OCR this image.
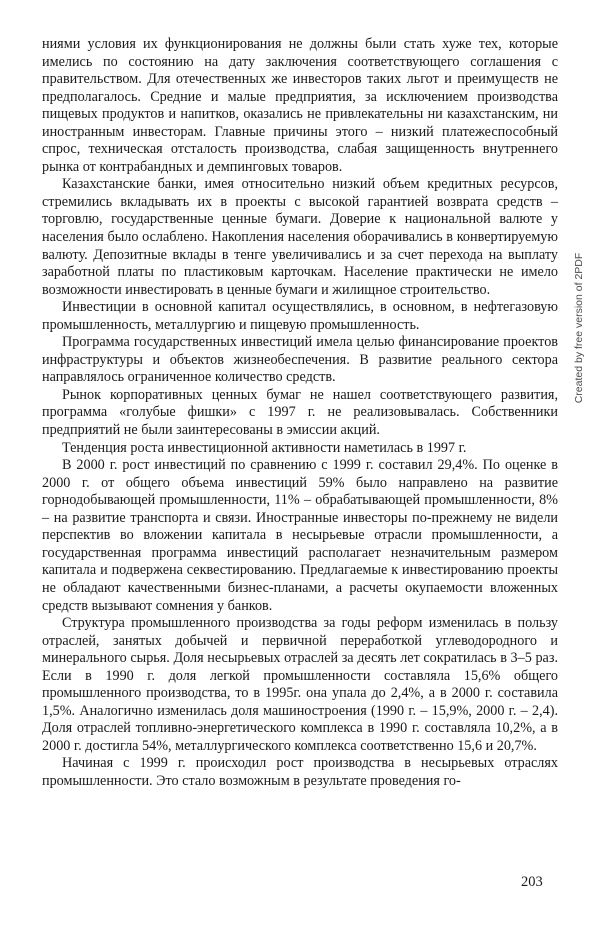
ниями условия их функционирования не должны были стать хуже тех, которые имелись по состоянию на дату заключения соответствующего соглашения с правительством. Для отечественных же инвесторов таких льгот и преимуществ не предполагалось. Средние и малые предприятия, за исключением производства пищевых продуктов и напитков, оказались не привлекательны ни казахстанским, ни иностранным инвесторам. Главные причины этого – низкий платежеспособный спрос, техническая отсталость производства, слабая защищенность внутреннего рынка от контрабандных и демпинговых товаров.

Казахстанские банки, имея относительно низкий объем кредитных ресурсов, стремились вкладывать их в проекты с высокой гарантией возврата средств – торговлю, государственные ценные бумаги. Доверие к национальной валюте у населения было ослаблено. Накопления населения оборачивались в конвертируемую валюту. Депозитные вклады в тенге увеличивались и за счет перехода на выплату заработной платы по пластиковым карточкам. Население практически не имело возможности инвестировать в ценные бумаги и жилищное строительство.

Инвестиции в основной капитал осуществлялись, в основном, в нефтегазовую промышленность, металлургию и пищевую промышленность.

Программа государственных инвестиций имела целью финансирование проектов инфраструктуры и объектов жизнеобеспечения. В развитие реального сектора направлялось ограниченное количество средств.

Рынок корпоративных ценных бумаг не нашел соответствующего развития, программа «голубые фишки» с 1997 г. не реализовывалась. Собственники предприятий не были заинтересованы в эмиссии акций.

Тенденция роста инвестиционной активности наметилась в 1997 г.

В 2000 г. рост инвестиций по сравнению с 1999 г. составил 29,4%. По оценке в 2000 г. от общего объема инвестиций 59% было направлено на развитие горнодобывающей промышленности, 11% – обрабатывающей промышленности, 8% – на развитие транспорта и связи. Иностранные инвесторы по-прежнему не видели перспектив во вложении капитала в несырьевые отрасли промышленности, а государственная программа инвестиций располагает незначительным размером капитала и подвержена секвестированию. Предлагаемые к инвестированию проекты не обладают качественными бизнес-планами, а расчеты окупаемости вложенных средств вызывают сомнения у банков.

Структура промышленного производства за годы реформ изменилась в пользу отраслей, занятых добычей и первичной переработкой углеводородного и минерального сырья. Доля несырьевых отраслей за десять лет сократилась в 3–5 раз. Если в 1990 г. доля легкой промышленности составляла 15,6% общего промышленного производства, то в 1995г. она упала до 2,4%, а в 2000 г. составила 1,5%. Аналогично изменилась доля машиностроения (1990 г. – 15,9%, 2000 г. – 2,4). Доля отраслей топливно-энергетического комплекса в 1990 г. составляла 10,2%, а в 2000 г. достигла 54%, металлургического комплекса соответственно 15,6 и 20,7%.

Начиная с 1999 г. происходил рост производства в несырьевых отраслях промышленности. Это стало возможным в результате проведения го-

203
Created by free version of 2PDF
